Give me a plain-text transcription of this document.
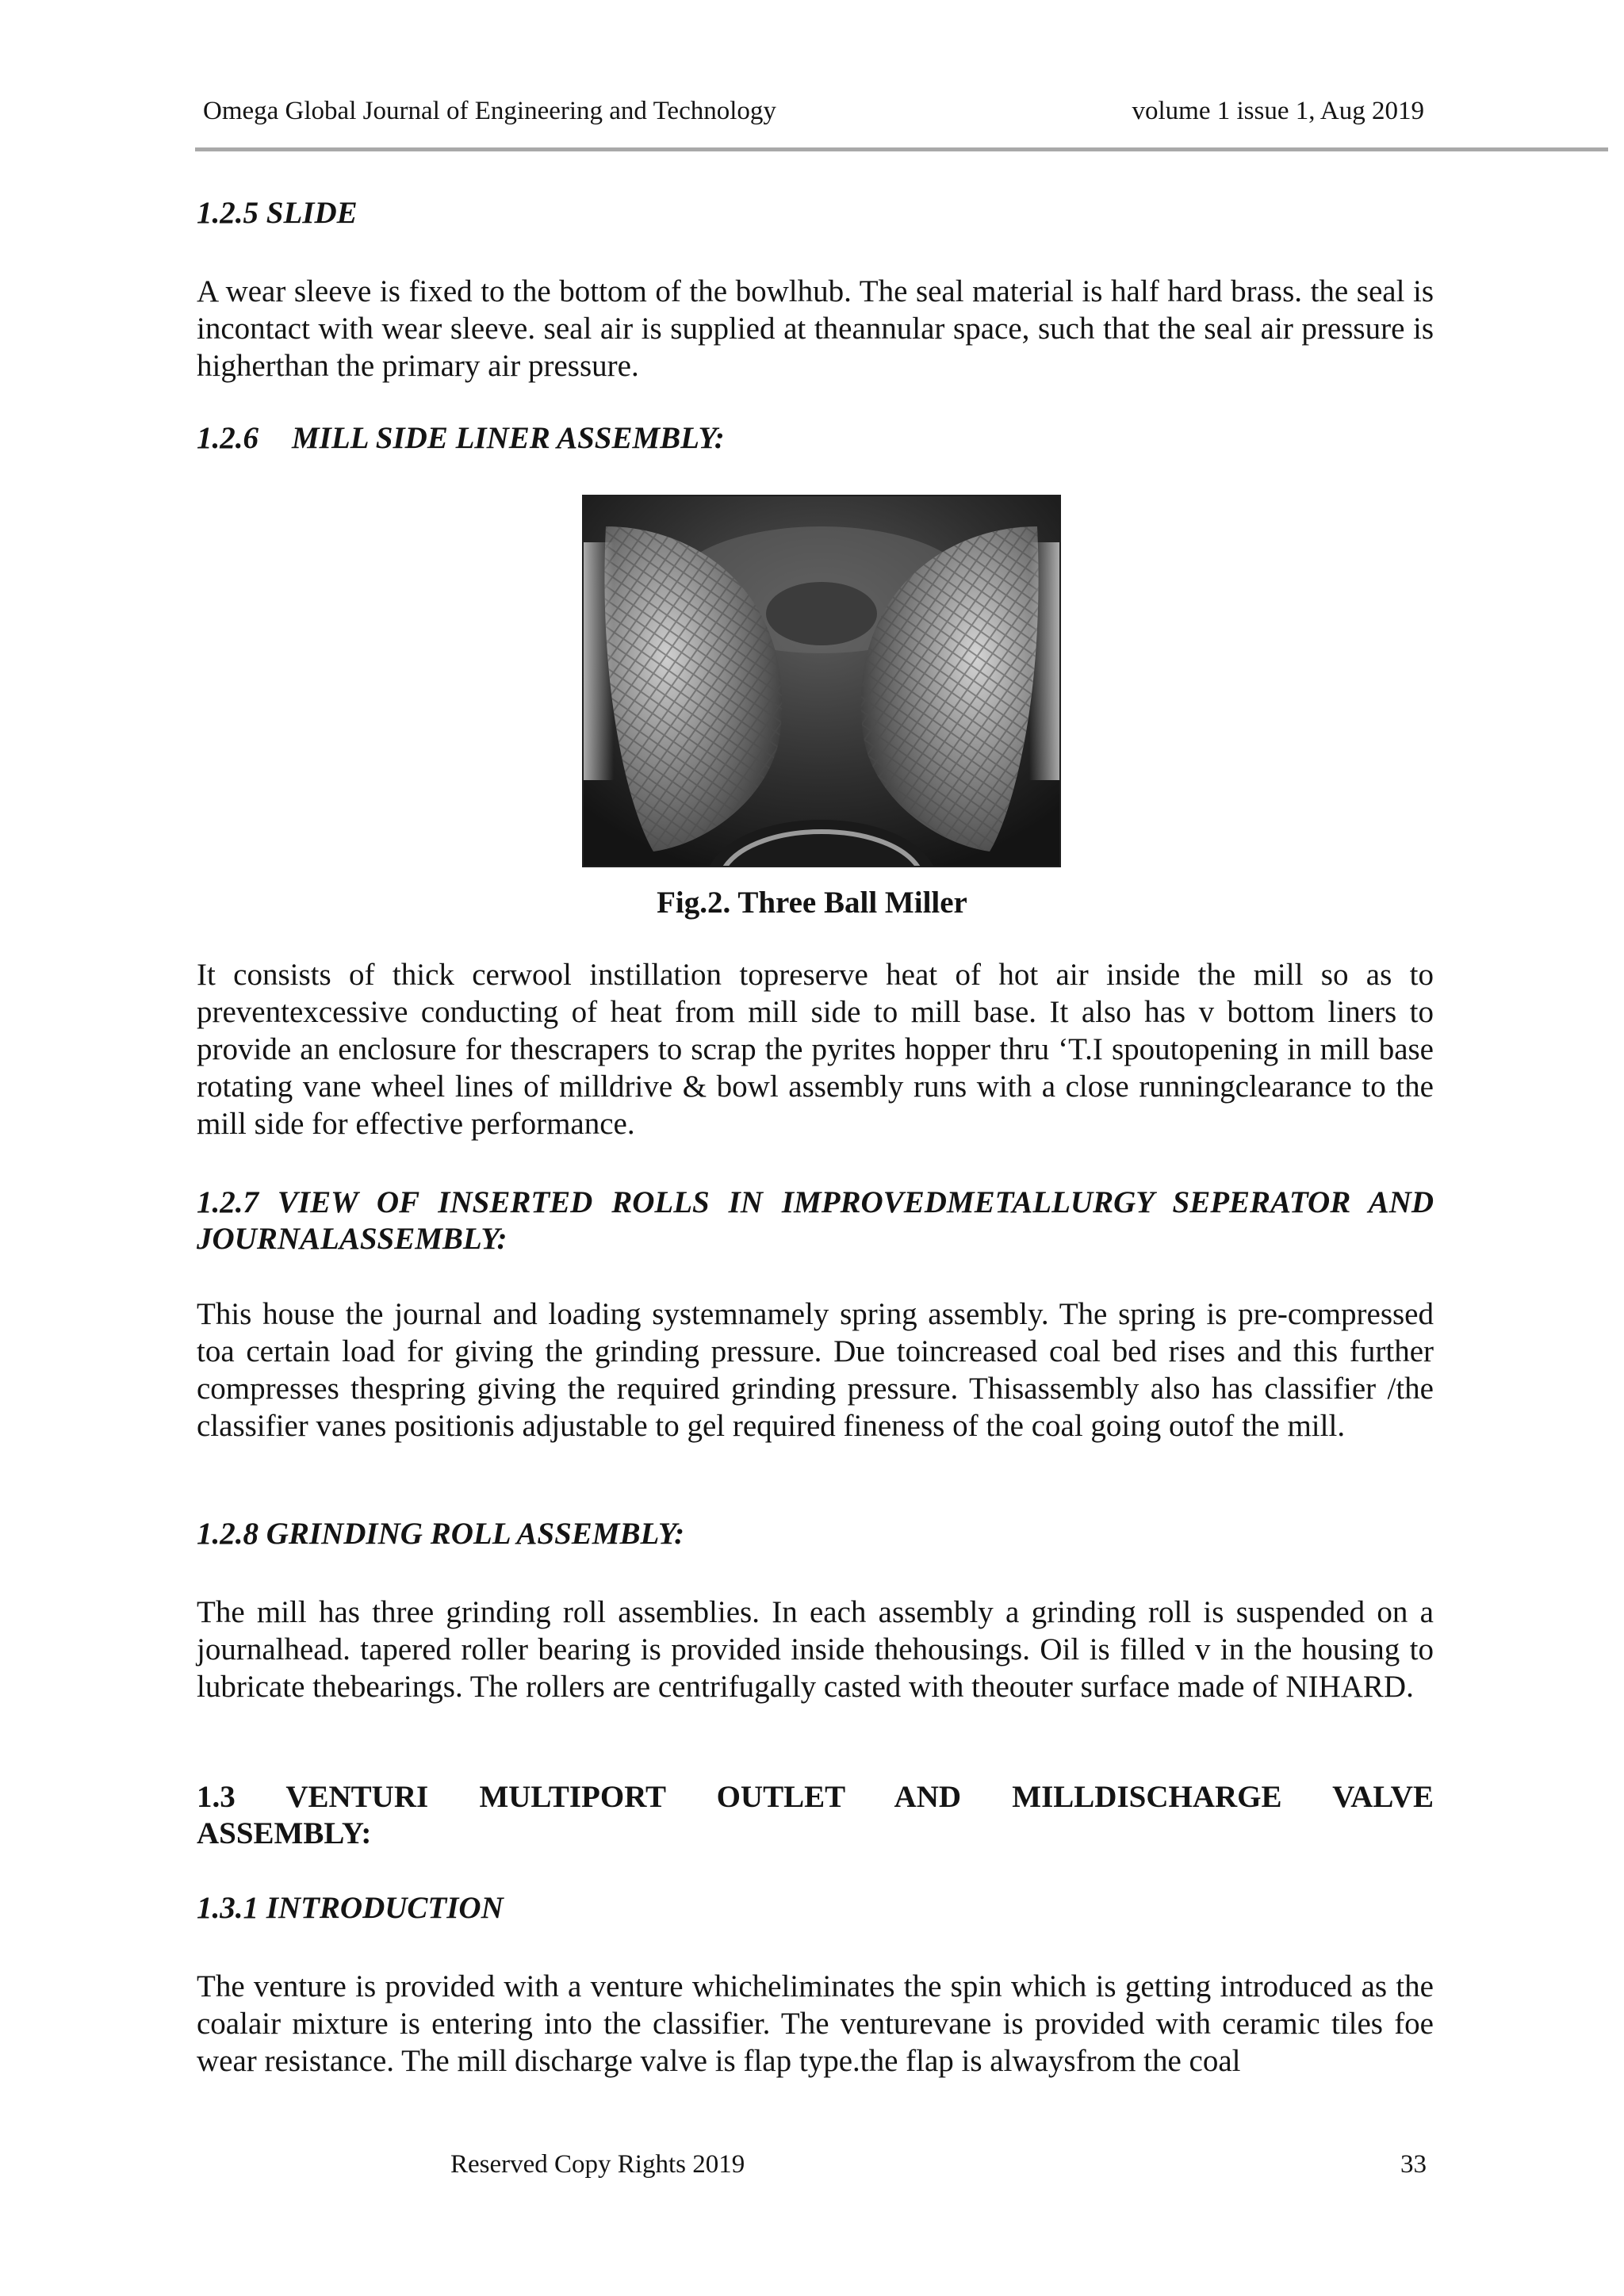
Omega Global Journal of Engineering and Technology	volume 1 issue 1, Aug 2019

1.2.5 SLIDE

A wear sleeve is fixed to the bottom of the bowlhub. The seal material is half hard brass. the seal is incontact with wear sleeve. seal air is supplied at theannular space, such that the seal air pressure is higherthan the primary air pressure.

1.2.6 MILL SIDE LINER ASSEMBLY:

It consists of thick cerwool instillation topreserve heat of hot air inside the mill so as to preventexcessive conducting of heat from mill side to mill base. It also has v bottom liners to provide an enclosure for thescrapers to scrap the pyrites hopper thru ‘T.I spoutopening in mill base rotating vane wheel lines of milldrive & bowl assembly runs with a close runningclearance to the mill side for effective performance.

1.2.7 VIEW OF INSERTED ROLLS IN IMPROVEDMETALLURGY SEPERATOR AND JOURNALASSEMBLY:

This house the journal and loading systemnamely spring assembly. The spring is pre-compressed toa certain load for giving the grinding pressure. Due toincreased coal bed rises and this further compresses thespring giving the required grinding pressure. Thisassembly also has classifier /the classifier vanes positionis adjustable to gel required fineness of the coal going outof the mill.

1.2.8 GRINDING ROLL ASSEMBLY:

The mill has three grinding roll assemblies. In each assembly a grinding roll is suspended on a journalhead. tapered roller bearing is provided inside thehousings. Oil is filled v in the housing to lubricate thebearings. The rollers are centrifugally casted with theouter surface made of NIHARD.

1.3 VENTURI MULTIPORT OUTLET AND MILLDISCHARGE VALVE
ASSEMBLY:

1.3.1 INTRODUCTION

The venture is provided with a venture whicheliminates the spin which is getting introduced as the coalair mixture is entering into the classifier. The venturevane is provided with ceramic tiles foe wear resistance. The mill discharge valve is flap type.the flap is alwaysfrom the coal

Fig.2. Three Ball Miller
Reserved Copy Rights 2019	33
